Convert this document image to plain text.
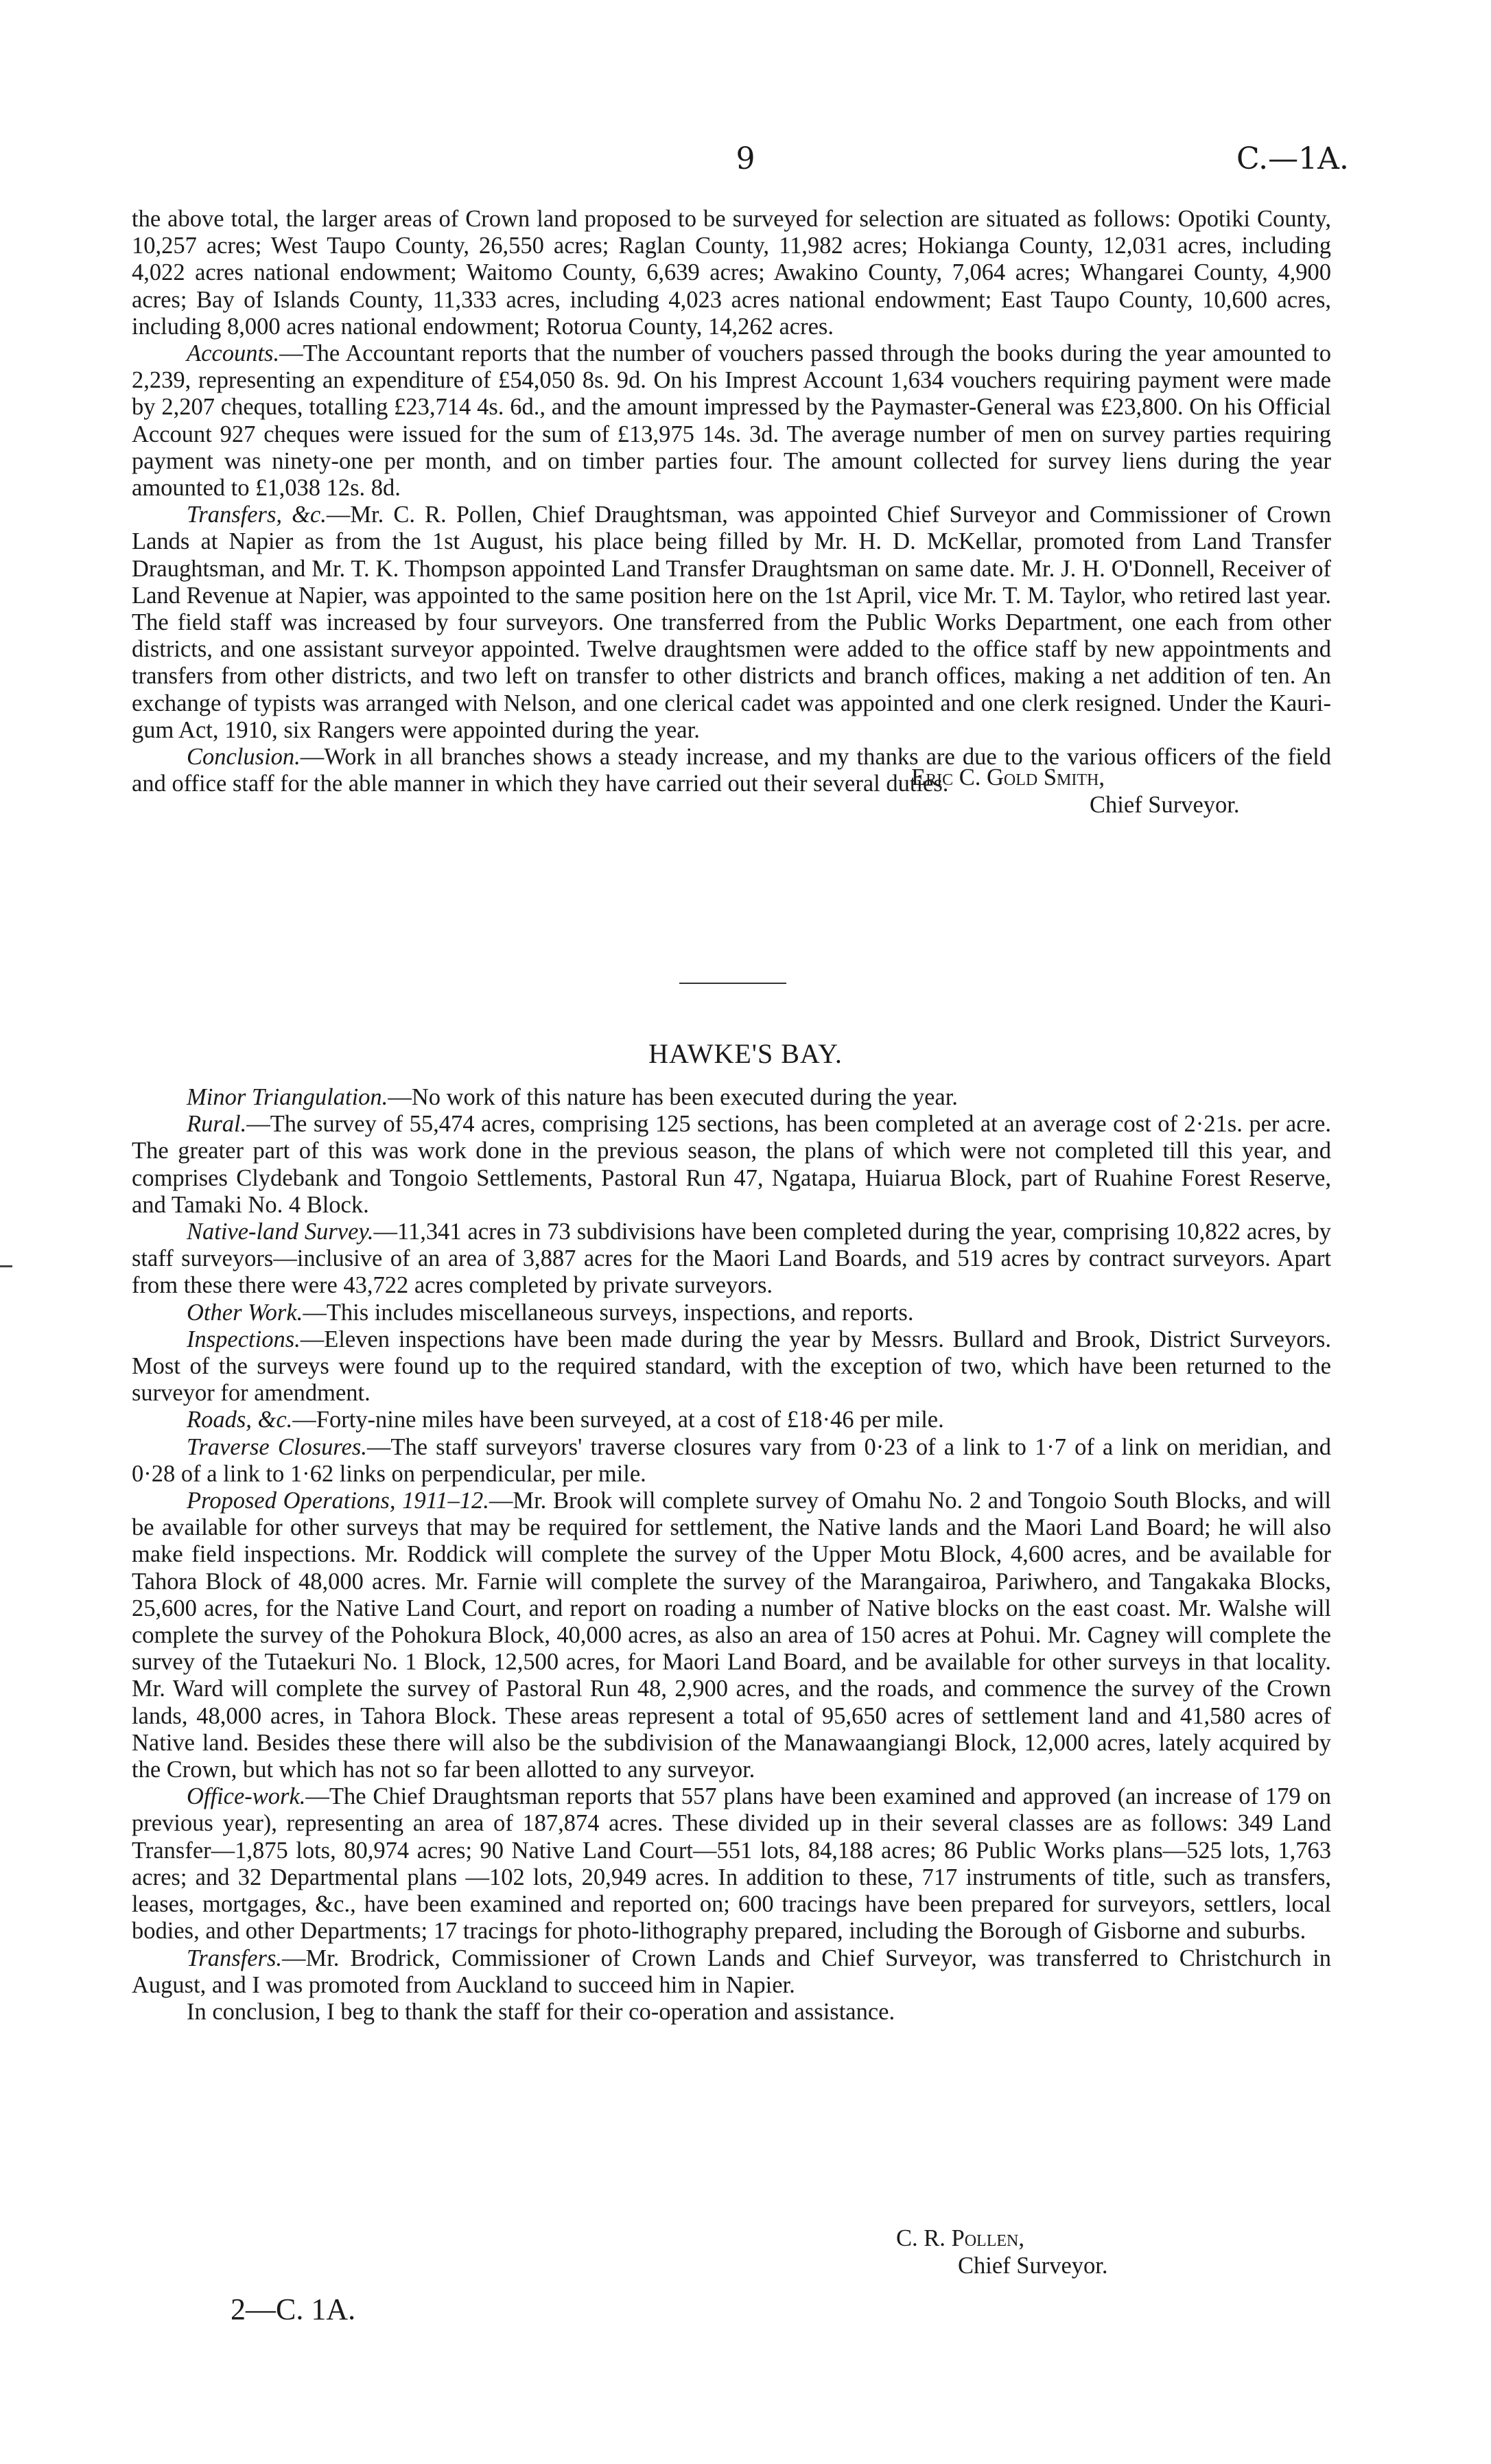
9	C.—1A.

the above total, the larger areas of Crown land proposed to be surveyed for selection are situated as follows: Opotiki County, 10,257 acres; West Taupo County, 26,550 acres; Raglan County, 11,982 acres; Hokianga County, 12,031 acres, including 4,022 acres national endowment; Waitomo County, 6,639 acres; Awakino County, 7,064 acres; Whangarei County, 4,900 acres; Bay of Islands County, 11,333 acres, including 4,023 acres national endowment; East Taupo County, 10,600 acres, including 8,000 acres national endowment; Rotorua County, 14,262 acres.

Accounts.—The Accountant reports that the number of vouchers passed through the books during the year amounted to 2,239, representing an expenditure of £54,050 8s. 9d. On his Imprest Account 1,634 vouchers requiring payment were made by 2,207 cheques, totalling £23,714 4s. 6d., and the amount impressed by the Paymaster-General was £23,800. On his Official Account 927 cheques were issued for the sum of £13,975 14s. 3d. The average number of men on survey parties requiring payment was ninety-one per month, and on timber parties four. The amount collected for survey liens during the year amounted to £1,038 12s. 8d.

Transfers, &c.—Mr. C. R. Pollen, Chief Draughtsman, was appointed Chief Surveyor and Commissioner of Crown Lands at Napier as from the 1st August, his place being filled by Mr. H. D. McKellar, promoted from Land Transfer Draughtsman, and Mr. T. K. Thompson appointed Land Transfer Draughtsman on same date. Mr. J. H. O'Donnell, Receiver of Land Revenue at Napier, was appointed to the same position here on the 1st April, vice Mr. T. M. Taylor, who retired last year. The field staff was increased by four surveyors. One transferred from the Public Works Department, one each from other districts, and one assistant surveyor appointed. Twelve draughtsmen were added to the office staff by new appointments and transfers from other districts, and two left on transfer to other districts and branch offices, making a net addition of ten. An exchange of typists was arranged with Nelson, and one clerical cadet was appointed and one clerk resigned. Under the Kauri-gum Act, 1910, six Rangers were appointed during the year.

Conclusion.—Work in all branches shows a steady increase, and my thanks are due to the various officers of the field and office staff for the able manner in which they have carried out their several duties.

Eric C. Gold Smith,
Chief Surveyor.
HAWKE'S BAY.

Minor Triangulation.—No work of this nature has been executed during the year.

Rural.—The survey of 55,474 acres, comprising 125 sections, has been completed at an average cost of 2·21s. per acre. The greater part of this was work done in the previous season, the plans of which were not completed till this year, and comprises Clydebank and Tongoio Settlements, Pastoral Run 47, Ngatapa, Huiarua Block, part of Ruahine Forest Reserve, and Tamaki No. 4 Block.

Native-land Survey.—11,341 acres in 73 subdivisions have been completed during the year, comprising 10,822 acres, by staff surveyors—inclusive of an area of 3,887 acres for the Maori Land Boards, and 519 acres by contract surveyors. Apart from these there were 43,722 acres completed by private surveyors.

Other Work.—This includes miscellaneous surveys, inspections, and reports.

Inspections.—Eleven inspections have been made during the year by Messrs. Bullard and Brook, District Surveyors. Most of the surveys were found up to the required standard, with the exception of two, which have been returned to the surveyor for amendment.

Roads, &c.—Forty-nine miles have been surveyed, at a cost of £18·46 per mile.

Traverse Closures.—The staff surveyors' traverse closures vary from 0·23 of a link to 1·7 of a link on meridian, and 0·28 of a link to 1·62 links on perpendicular, per mile.

Proposed Operations, 1911–12.—Mr. Brook will complete survey of Omahu No. 2 and Tongoio South Blocks, and will be available for other surveys that may be required for settlement, the Native lands and the Maori Land Board; he will also make field inspections. Mr. Roddick will complete the survey of the Upper Motu Block, 4,600 acres, and be available for Tahora Block of 48,000 acres. Mr. Farnie will complete the survey of the Marangairoa, Pariwhero, and Tangakaka Blocks, 25,600 acres, for the Native Land Court, and report on roading a number of Native blocks on the east coast. Mr. Walshe will complete the survey of the Pohokura Block, 40,000 acres, as also an area of 150 acres at Pohui. Mr. Cagney will complete the survey of the Tutaekuri No. 1 Block, 12,500 acres, for Maori Land Board, and be available for other surveys in that locality. Mr. Ward will complete the survey of Pastoral Run 48, 2,900 acres, and the roads, and commence the survey of the Crown lands, 48,000 acres, in Tahora Block. These areas represent a total of 95,650 acres of settlement land and 41,580 acres of Native land. Besides these there will also be the subdivision of the Manawaangiangi Block, 12,000 acres, lately acquired by the Crown, but which has not so far been allotted to any surveyor.

Office-work.—The Chief Draughtsman reports that 557 plans have been examined and approved (an increase of 179 on previous year), representing an area of 187,874 acres. These divided up in their several classes are as follows: 349 Land Transfer—1,875 lots, 80,974 acres; 90 Native Land Court—551 lots, 84,188 acres; 86 Public Works plans—525 lots, 1,763 acres; and 32 Departmental plans —102 lots, 20,949 acres. In addition to these, 717 instruments of title, such as transfers, leases, mortgages, &c., have been examined and reported on; 600 tracings have been prepared for surveyors, settlers, local bodies, and other Departments; 17 tracings for photo-lithography prepared, including the Borough of Gisborne and suburbs.

Transfers.—Mr. Brodrick, Commissioner of Crown Lands and Chief Surveyor, was transferred to Christchurch in August, and I was promoted from Auckland to succeed him in Napier.

In conclusion, I beg to thank the staff for their co-operation and assistance.

C. R. Pollen,
Chief Surveyor.
2—C. 1A.
